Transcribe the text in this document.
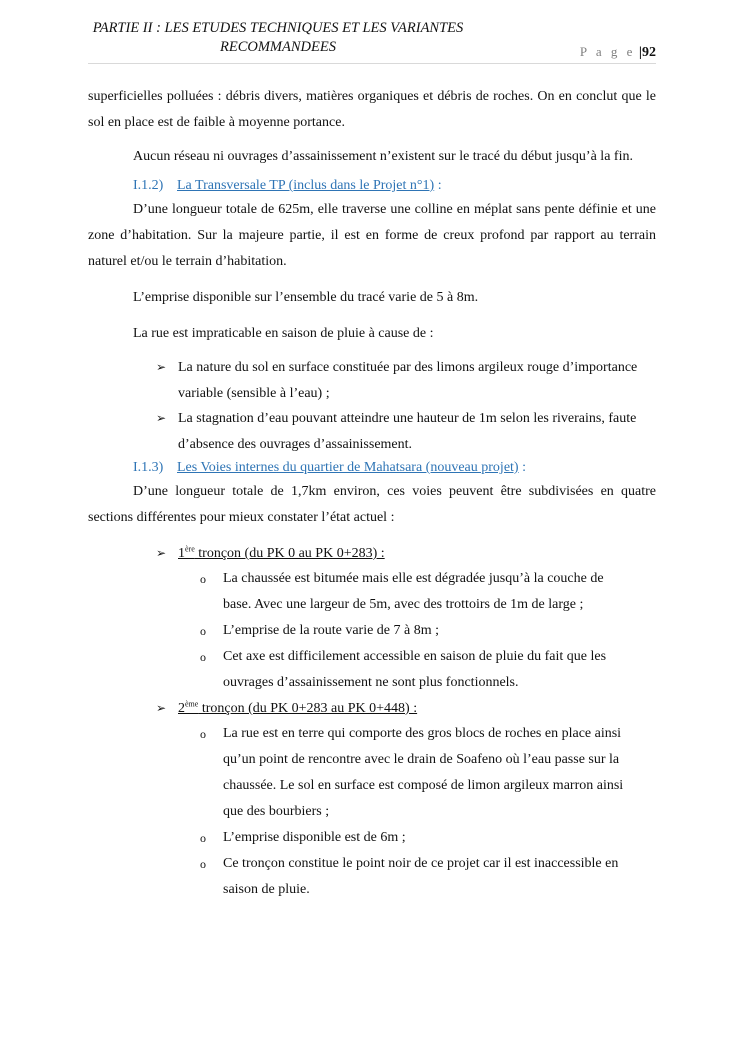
PARTIE II : LES ETUDES TECHNIQUES ET LES VARIANTES
RECOMMANDEES	P a g e |92

superficielles polluées : débris divers, matières organiques et débris de roches. On en conclut que le sol en place est de faible à moyenne portance.

Aucun réseau ni ouvrages d’assainissement n’existent sur le tracé du début jusqu’à la fin.

I.1.2) La Transversale TP (inclus dans le Projet n°1) :

D’une longueur totale de 625m, elle traverse une colline en méplat sans pente définie et une zone d’habitation. Sur la majeure partie, il est en forme de creux profond par rapport au terrain naturel et/ou le terrain d’habitation.

L’emprise disponible sur l’ensemble du tracé varie de 5 à 8m.

La rue est impraticable en saison de pluie à cause de :

➢ La nature du sol en surface constituée par des limons argileux rouge d’importance variable (sensible à l’eau) ;
➢ La stagnation d’eau pouvant atteindre une hauteur de 1m selon les riverains, faute d’absence des ouvrages d’assainissement.
I.1.3) Les Voies internes du quartier de Mahatsara (nouveau projet) :

D’une longueur totale de 1,7km environ, ces voies peuvent être subdivisées en quatre sections différentes pour mieux constater l’état actuel :

➢ 1ère tronçon (du PK 0 au PK 0+283) :
o La chaussée est bitumée mais elle est dégradée jusqu’à la couche de base. Avec une largeur de 5m, avec des trottoirs de 1m de large ;
o L’emprise de la route varie de 7 à 8m ;
o Cet axe est difficilement accessible en saison de pluie du fait que les ouvrages d’assainissement ne sont plus fonctionnels.
➢ 2ème tronçon (du PK 0+283 au PK 0+448) :
o La rue est en terre qui comporte des gros blocs de roches en place ainsi qu’un point de rencontre avec le drain de Soafeno où l’eau passe sur la chaussée. Le sol en surface est composé de limon argileux marron ainsi que des bourbiers ;
o L’emprise disponible est de 6m ;
o Ce tronçon constitue le point noir de ce projet car il est inaccessible en saison de pluie.
